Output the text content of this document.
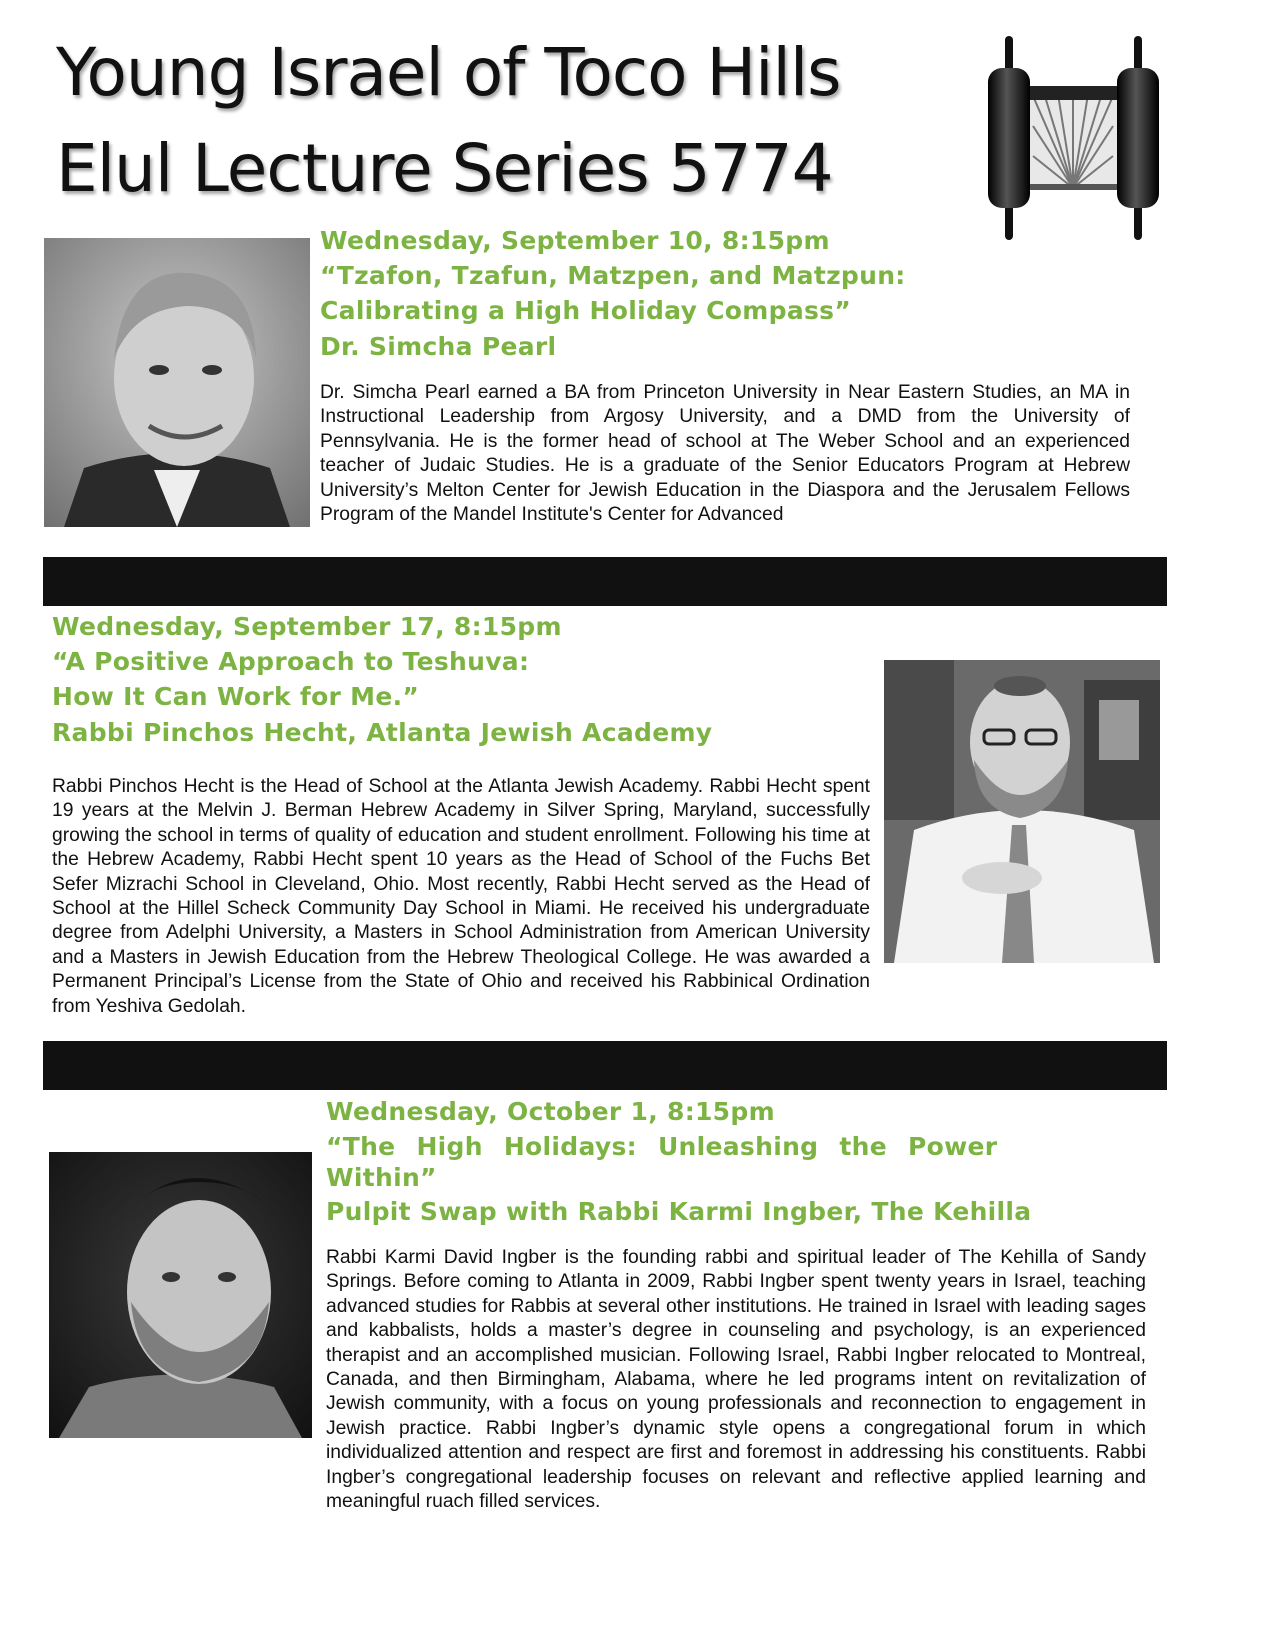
Young Israel of Toco Hills
Elul Lecture Series 5774
Wednesday, September 10, 8:15pm
“Tzafon, Tzafun, Matzpen, and Matzpun:
Calibrating a High Holiday Compass”
Dr. Simcha Pearl
Dr. Simcha Pearl earned a BA from Princeton University in Near Eastern Studies, an MA in Instructional Leadership from Argosy University, and a DMD from the University of Pennsylvania. He is the former head of school at The Weber School and an experienced teacher of Judaic Studies. He is a graduate of the Senior Educators Program at Hebrew University’s Melton Center for Jewish Education in the Diaspora and the Jerusalem Fellows Program of the Mandel Institute's Center for Advanced
Wednesday, September 17, 8:15pm
“A Positive Approach to Teshuva:
How It Can Work for Me.”
Rabbi Pinchos Hecht, Atlanta Jewish Academy
Rabbi Pinchos Hecht is the Head of School at the Atlanta Jewish Academy. Rabbi Hecht spent 19 years at the Melvin J. Berman Hebrew Academy in Silver Spring, Maryland, successfully growing the school in terms of quality of education and student enrollment. Following his time at the Hebrew Academy, Rabbi Hecht spent 10 years as the Head of School of the Fuchs Bet Sefer Mizrachi School in Cleveland, Ohio. Most recently, Rabbi Hecht served as the Head of School at the Hillel Scheck Community Day School in Miami. He received his undergraduate degree from Adelphi University, a Masters in School Administration from American University and a Masters in Jewish Education from the Hebrew Theological College. He was awarded a Permanent Principal’s License from the State of Ohio and received his Rabbinical Ordination from Yeshiva Gedolah.
Wednesday, October 1, 8:15pm
“The High Holidays: Unleashing the Power
Within”
Pulpit Swap with Rabbi Karmi Ingber, The Kehilla
Rabbi Karmi David Ingber is the founding rabbi and spiritual leader of The Kehilla of Sandy Springs. Before coming to Atlanta in 2009, Rabbi Ingber spent twenty years in Israel, teaching advanced studies for Rabbis at several other institutions. He trained in Israel with leading sages and kabbalists, holds a master’s degree in counseling and psychology, is an experienced therapist and an accomplished musician. Following Israel, Rabbi Ingber relocated to Montreal, Canada, and then Birmingham, Alabama, where he led programs intent on revitalization of Jewish community, with a focus on young professionals and reconnection to engagement in Jewish practice. Rabbi Ingber’s dynamic style opens a congregational forum in which individualized attention and respect are first and foremost in addressing his constituents. Rabbi Ingber’s congregational leadership focuses on relevant and reflective applied learning and meaningful ruach filled services.
